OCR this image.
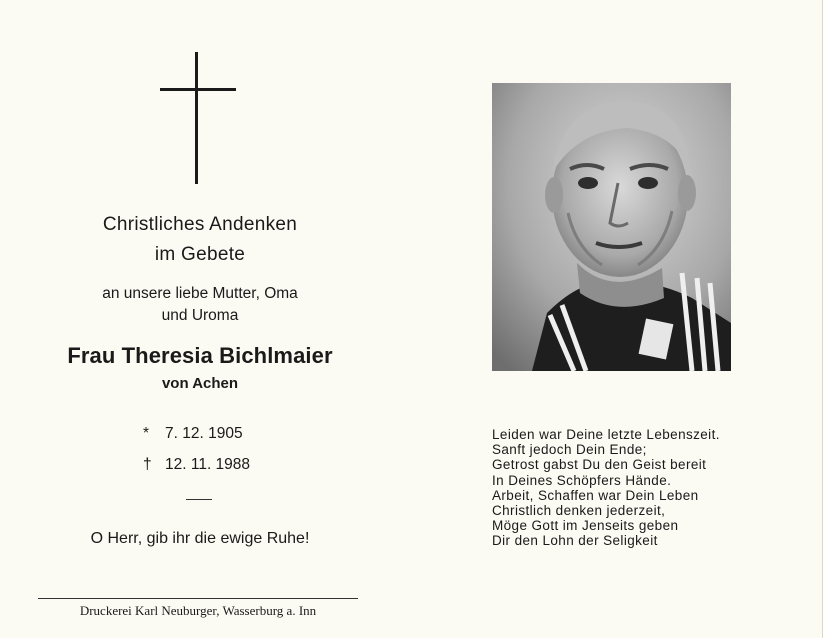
Christliches Andenken
im Gebete
an unsere liebe Mutter, Oma
und Uroma
Frau Theresia Bichlmaier
von Achen
* 7. 12. 1905
† 12. 11. 1988
O Herr, gib ihr die ewige Ruhe!
Druckerei Karl Neuburger, Wasserburg a. Inn
Leiden war Deine letzte Lebenszeit.
Sanft jedoch Dein Ende;
Getrost gabst Du den Geist bereit
In Deines Schöpfers Hände.
Arbeit, Schaffen war Dein Leben
Christlich denken jederzeit,
Möge Gott im Jenseits geben
Dir den Lohn der Seligkeit
